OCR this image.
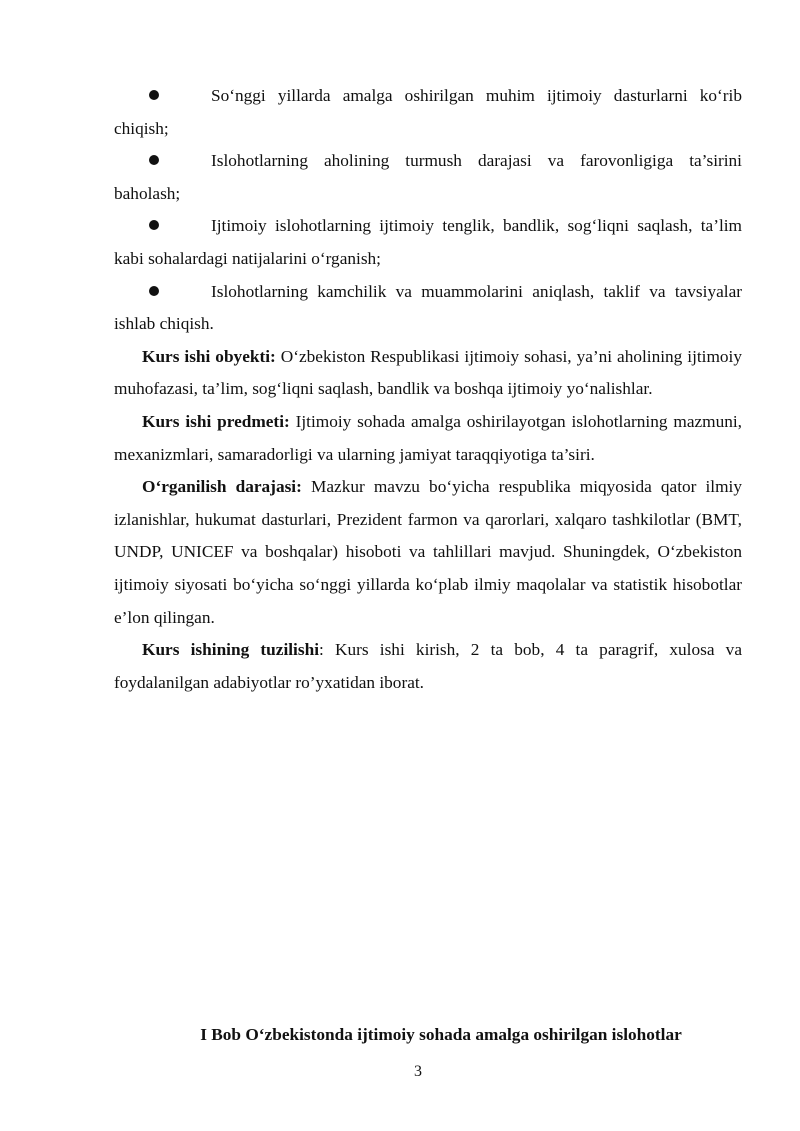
So‘nggi yillarda amalga oshirilgan muhim ijtimoiy dasturlarni ko‘rib chiqish;

Islohotlarning aholining turmush darajasi va farovonligiga ta’sirini baholash;

Ijtimoiy islohotlarning ijtimoiy tenglik, bandlik, sog‘liqni saqlash, ta’lim kabi sohalardagi natijalarini o‘rganish;

Islohotlarning kamchilik va muammolarini aniqlash, taklif va tavsiyalar ishlab chiqish.

Kurs ishi obyekti: O‘zbekiston Respublikasi ijtimoiy sohasi, ya’ni aholining ijtimoiy muhofazasi, ta’lim, sog‘liqni saqlash, bandlik va boshqa ijtimoiy yo‘nalishlar.

Kurs ishi predmeti: Ijtimoiy sohada amalga oshirilayotgan islohotlarning mazmuni, mexanizmlari, samaradorligi va ularning jamiyat taraqqiyotiga ta’siri.

O‘rganilish darajasi: Mazkur mavzu bo‘yicha respublika miqyosida qator ilmiy izlanishlar, hukumat dasturlari, Prezident farmon va qarorlari, xalqaro tashkilotlar (BMT, UNDP, UNICEF va boshqalar) hisoboti va tahlillari mavjud. Shuningdek, O‘zbekiston ijtimoiy siyosati bo‘yicha so‘nggi yillarda ko‘plab ilmiy maqolalar va statistik hisobotlar e’lon qilingan.

Kurs ishining tuzilishi: Kurs ishi kirish, 2 ta bob, 4 ta paragrif, xulosa va foydalanilgan adabiyotlar ro’yxatidan iborat.

I Bob O‘zbekistonda ijtimoiy sohada amalga oshirilgan islohotlar
3
